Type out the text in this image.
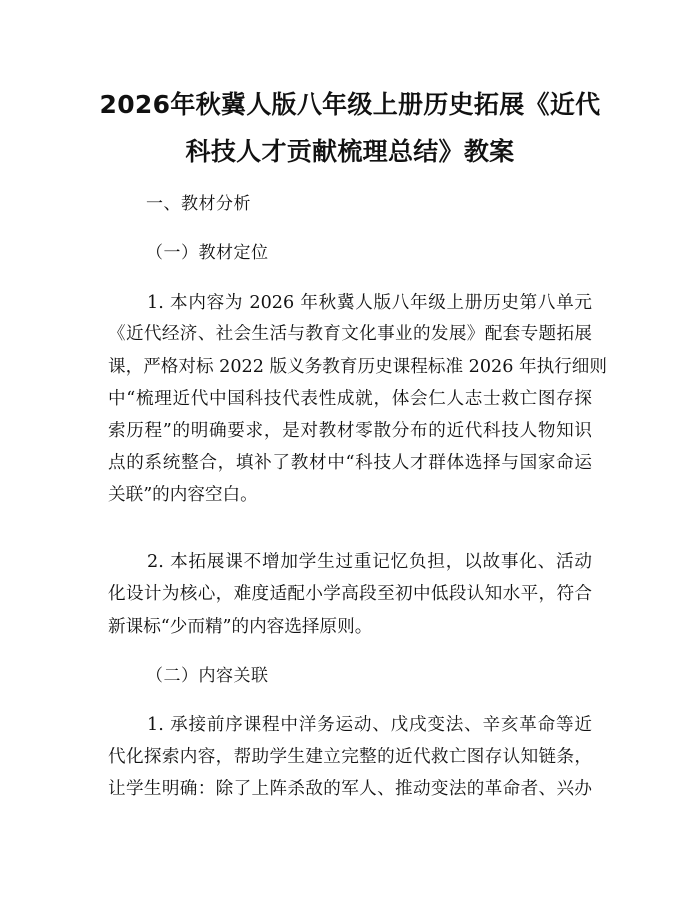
2026年秋冀人版八年级上册历史拓展《近代
科技人才贡献梳理总结》教案
一、教材分析
（一）教材定位
1. 本内容为 2026 年秋冀人版八年级上册历史第八单元
《近代经济、社会生活与教育文化事业的发展》配套专题拓展
课，严格对标 2022 版义务教育历史课程标准 2026 年执行细则
中“梳理近代中国科技代表性成就，体会仁人志士救亡图存探
索历程”的明确要求，是对教材零散分布的近代科技人物知识
点的系统整合，填补了教材中“科技人才群体选择与国家命运
关联”的内容空白。
2. 本拓展课不增加学生过重记忆负担，以故事化、活动
化设计为核心，难度适配小学高段至初中低段认知水平，符合
新课标“少而精”的内容选择原则。
（二）内容关联
1. 承接前序课程中洋务运动、戊戌变法、辛亥革命等近
代化探索内容，帮助学生建立完整的近代救亡图存认知链条，
让学生明确：除了上阵杀敌的军人、推动变法的革命者、兴办
